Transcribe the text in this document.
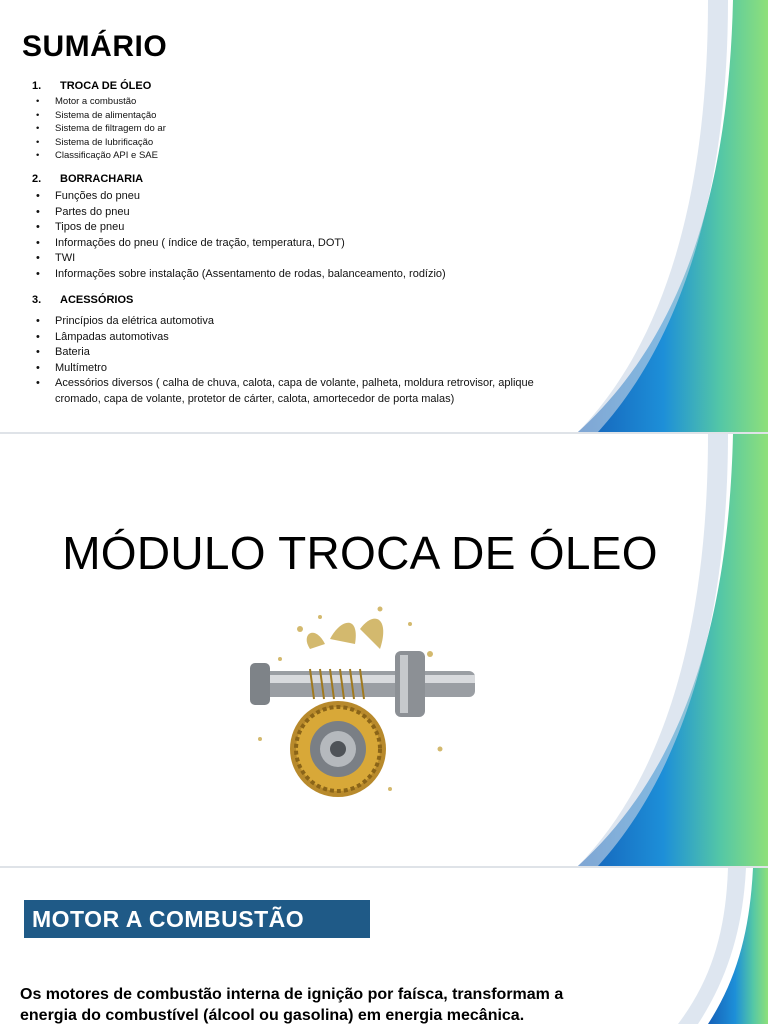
SUMÁRIO
1. TROCA DE ÓLEO
• Motor a combustão
• Sistema de alimentação
• Sistema de filtragem do ar
• Sistema de lubrificação
• Classificação API e SAE
2. BORRACHARIA
• Funções do pneu
• Partes do pneu
• Tipos de pneu
• Informações do pneu ( índice de tração, temperatura, DOT)
• TWI
• Informações sobre instalação (Assentamento de rodas, balanceamento, rodízio)
3. ACESSÓRIOS
• Princípios da elétrica automotiva
• Lâmpadas automotivas
• Bateria
• Multímetro
• Acessórios diversos ( calha de chuva, calota, capa de volante, palheta, moldura retrovisor, aplique cromado, capa de volante, protetor de cárter, calota, amortecedor de porta malas)
MÓDULO TROCA DE ÓLEO
MOTOR A COMBUSTÃO
Os motores de combustão interna de ignição por faísca, transformam a energia do combustível (álcool ou gasolina) em energia mecânica.
